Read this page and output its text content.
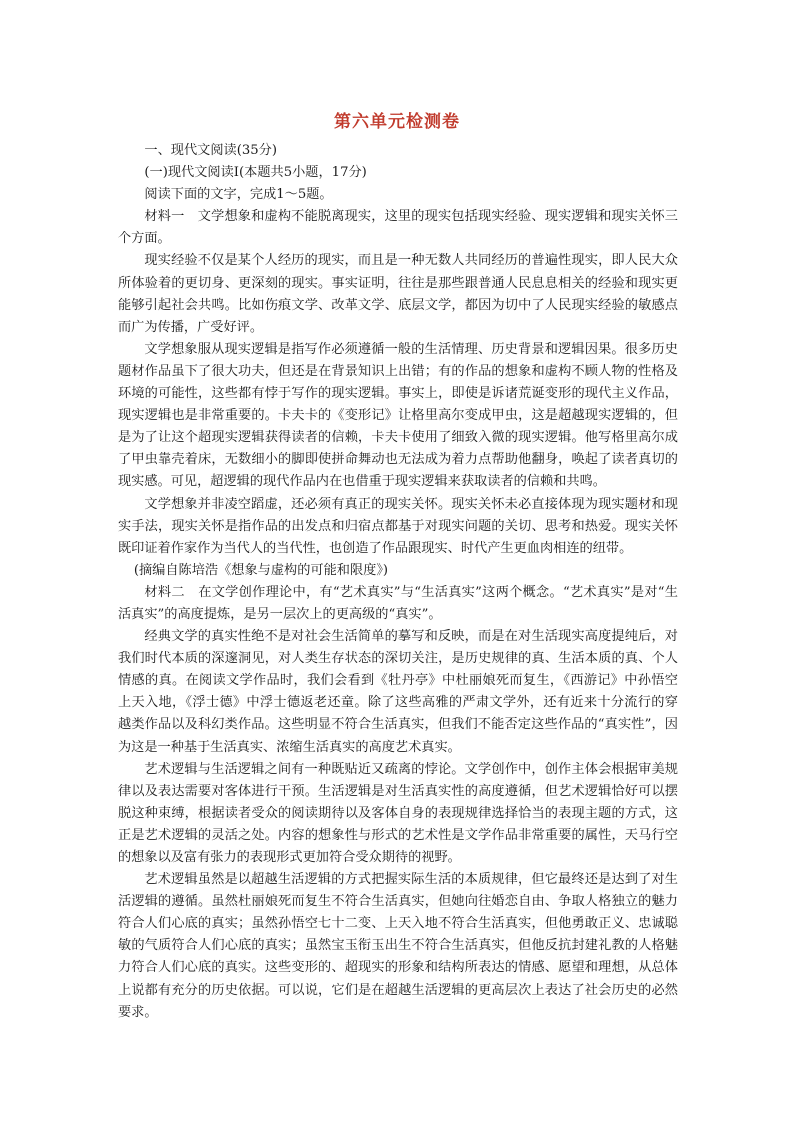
第六单元检测卷

一、现代文阅读(35分)

(一)现代文阅读Ⅰ(本题共5小题，17分)

阅读下面的文字，完成1～5题。

材料一　文学想象和虚构不能脱离现实，这里的现实包括现实经验、现实逻辑和现实关怀三个方面。

现实经验不仅是某个人经历的现实，而且是一种无数人共同经历的普遍性现实，即人民大众所体验着的更切身、更深刻的现实。事实证明，往往是那些跟普通人民息息相关的经验和现实更能够引起社会共鸣。比如伤痕文学、改革文学、底层文学，都因为切中了人民现实经验的敏感点而广为传播，广受好评。

文学想象服从现实逻辑是指写作必须遵循一般的生活情理、历史背景和逻辑因果。很多历史题材作品虽下了很大功夫，但还是在背景知识上出错；有的作品的想象和虚构不顾人物的性格及环境的可能性，这些都有悖于写作的现实逻辑。事实上，即使是诉诸荒诞变形的现代主义作品，现实逻辑也是非常重要的。卡夫卡的《变形记》让格里高尔变成甲虫，这是超越现实逻辑的，但是为了让这个超现实逻辑获得读者的信赖，卡夫卡使用了细致入微的现实逻辑。他写格里高尔成了甲虫靠壳着床，无数细小的脚即使拼命舞动也无法成为着力点帮助他翻身，唤起了读者真切的现实感。可见，超逻辑的现代作品内在也借重于现实逻辑来获取读者的信赖和共鸣。

文学想象并非凌空蹈虚，还必须有真正的现实关怀。现实关怀未必直接体现为现实题材和现实手法，现实关怀是指作品的出发点和归宿点都基于对现实问题的关切、思考和热爱。现实关怀既印证着作家作为当代人的当代性，也创造了作品跟现实、时代产生更血肉相连的纽带。

(摘编自陈培浩《想象与虚构的可能和限度》)

材料二　在文学创作理论中，有“艺术真实”与“生活真实”这两个概念。“艺术真实”是对“生活真实”的高度提炼，是另一层次上的更高级的“真实”。

经典文学的真实性绝不是对社会生活简单的摹写和反映，而是在对生活现实高度提纯后，对我们时代本质的深邃洞见，对人类生存状态的深切关注，是历史规律的真、生活本质的真、个人情感的真。在阅读文学作品时，我们会看到《牡丹亭》中杜丽娘死而复生，《西游记》中孙悟空上天入地，《浮士德》中浮士德返老还童。除了这些高雅的严肃文学外，还有近来十分流行的穿越类作品以及科幻类作品。这些明显不符合生活真实，但我们不能否定这些作品的“真实性”，因为这是一种基于生活真实、浓缩生活真实的高度艺术真实。

艺术逻辑与生活逻辑之间有一种既贴近又疏离的悖论。文学创作中，创作主体会根据审美规律以及表达需要对客体进行干预。生活逻辑是对生活真实性的高度遵循，但艺术逻辑恰好可以摆脱这种束缚，根据读者受众的阅读期待以及客体自身的表现规律选择恰当的表现主题的方式，这正是艺术逻辑的灵活之处。内容的想象性与形式的艺术性是文学作品非常重要的属性，天马行空的想象以及富有张力的表现形式更加符合受众期待的视野。

艺术逻辑虽然是以超越生活逻辑的方式把握实际生活的本质规律，但它最终还是达到了对生活逻辑的遵循。虽然杜丽娘死而复生不符合生活真实，但她向往婚恋自由、争取人格独立的魅力符合人们心底的真实；虽然孙悟空七十二变、上天入地不符合生活真实，但他勇敢正义、忠诚聪敏的气质符合人们心底的真实；虽然宝玉衔玉出生不符合生活真实，但他反抗封建礼教的人格魅力符合人们心底的真实。这些变形的、超现实的形象和结构所表达的情感、愿望和理想，从总体上说都有充分的历史依据。可以说，它们是在超越生活逻辑的更高层次上表达了社会历史的必然要求。
